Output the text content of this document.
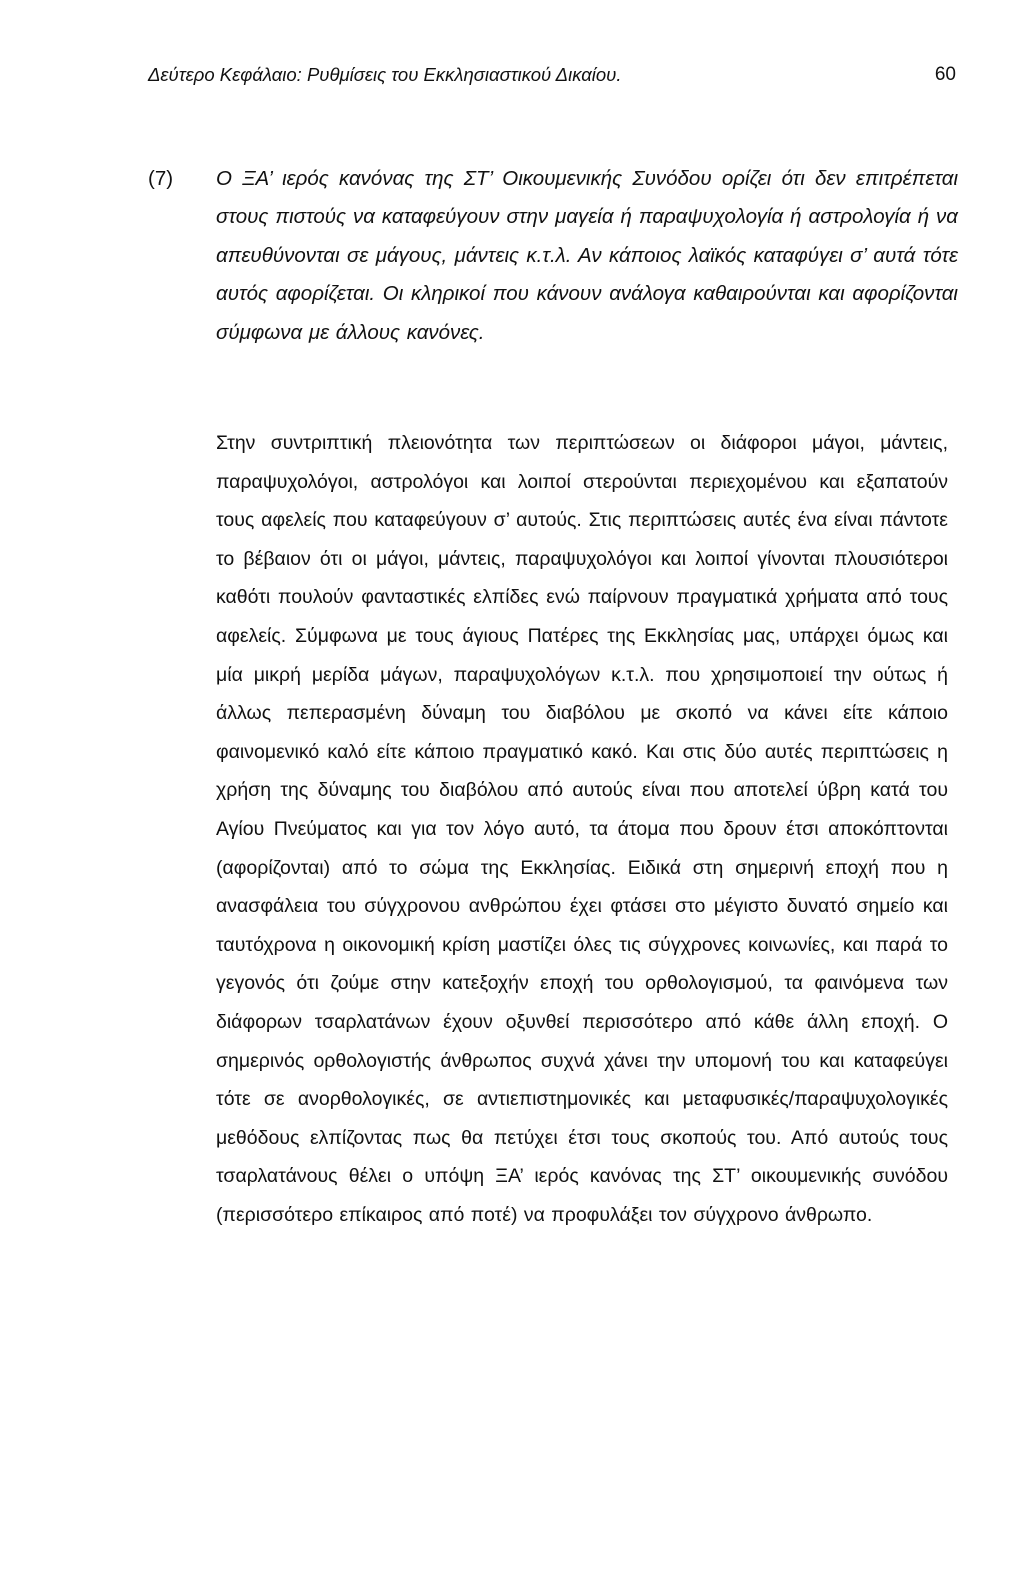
Δεύτερο Κεφάλαιο: Ρυθμίσεις του Εκκλησιαστικού Δικαίου.	60
(7)	Ο ΞΑ’ ιερός κανόνας της ΣΤ’ Οικουμενικής Συνόδου ορίζει ότι δεν επιτρέπεται στους πιστούς να καταφεύγουν στην μαγεία ή παραψυχολογία ή αστρολογία ή να απευθύνονται σε μάγους, μάντεις κ.τ.λ. Αν κάποιος λαϊκός καταφύγει σ’ αυτά τότε αυτός αφορίζεται. Οι κληρικοί που κάνουν ανάλογα καθαιρούνται και αφορίζονται σύμφωνα με άλλους κανόνες.

Στην συντριπτική πλειονότητα των περιπτώσεων οι διάφοροι μάγοι, μάντεις, παραψυχολόγοι, αστρολόγοι και λοιποί στερούνται περιεχομένου και εξαπατούν τους αφελείς που καταφεύγουν σ’ αυτούς. Στις περιπτώσεις αυτές ένα είναι πάντοτε το βέβαιον ότι οι μάγοι, μάντεις, παραψυχολόγοι και λοιποί γίνονται πλουσιότεροι καθότι πουλούν φανταστικές ελπίδες ενώ παίρνουν πραγματικά χρήματα από τους αφελείς. Σύμφωνα με τους άγιους Πατέρες της Εκκλησίας μας, υπάρχει όμως και μία μικρή μερίδα μάγων, παραψυχολόγων κ.τ.λ. που χρησιμοποιεί την ούτως ή άλλως πεπερασμένη δύναμη του διαβόλου με σκοπό να κάνει είτε κάποιο φαινομενικό καλό είτε κάποιο πραγματικό κακό. Και στις δύο αυτές περιπτώσεις η χρήση της δύναμης του διαβόλου από αυτούς είναι που αποτελεί ύβρη κατά του Αγίου Πνεύματος και για τον λόγο αυτό, τα άτομα που δρουν έτσι αποκόπτονται (αφορίζονται) από το σώμα της Εκκλησίας. Ειδικά στη σημερινή εποχή που η ανασφάλεια του σύγχρονου ανθρώπου έχει φτάσει στο μέγιστο δυνατό σημείο και ταυτόχρονα η οικονομική κρίση μαστίζει όλες τις σύγχρονες κοινωνίες, και παρά το γεγονός ότι ζούμε στην κατεξοχήν εποχή του ορθολογισμού, τα φαινόμενα των διάφορων τσαρλατάνων έχουν οξυνθεί περισσότερο από κάθε άλλη εποχή. Ο σημερινός ορθολογιστής άνθρωπος συχνά χάνει την υπομονή του και καταφεύγει τότε σε ανορθολογικές, σε αντιεπιστημονικές και μεταφυσικές/παραψυχολογικές μεθόδους ελπίζοντας πως θα πετύχει έτσι τους σκοπούς του. Από αυτούς τους τσαρλατάνους θέλει ο υπόψη ΞΑ’ ιερός κανόνας της ΣΤ’ οικουμενικής συνόδου (περισσότερο επίκαιρος από ποτέ) να προφυλάξει τον σύγχρονο άνθρωπο.
